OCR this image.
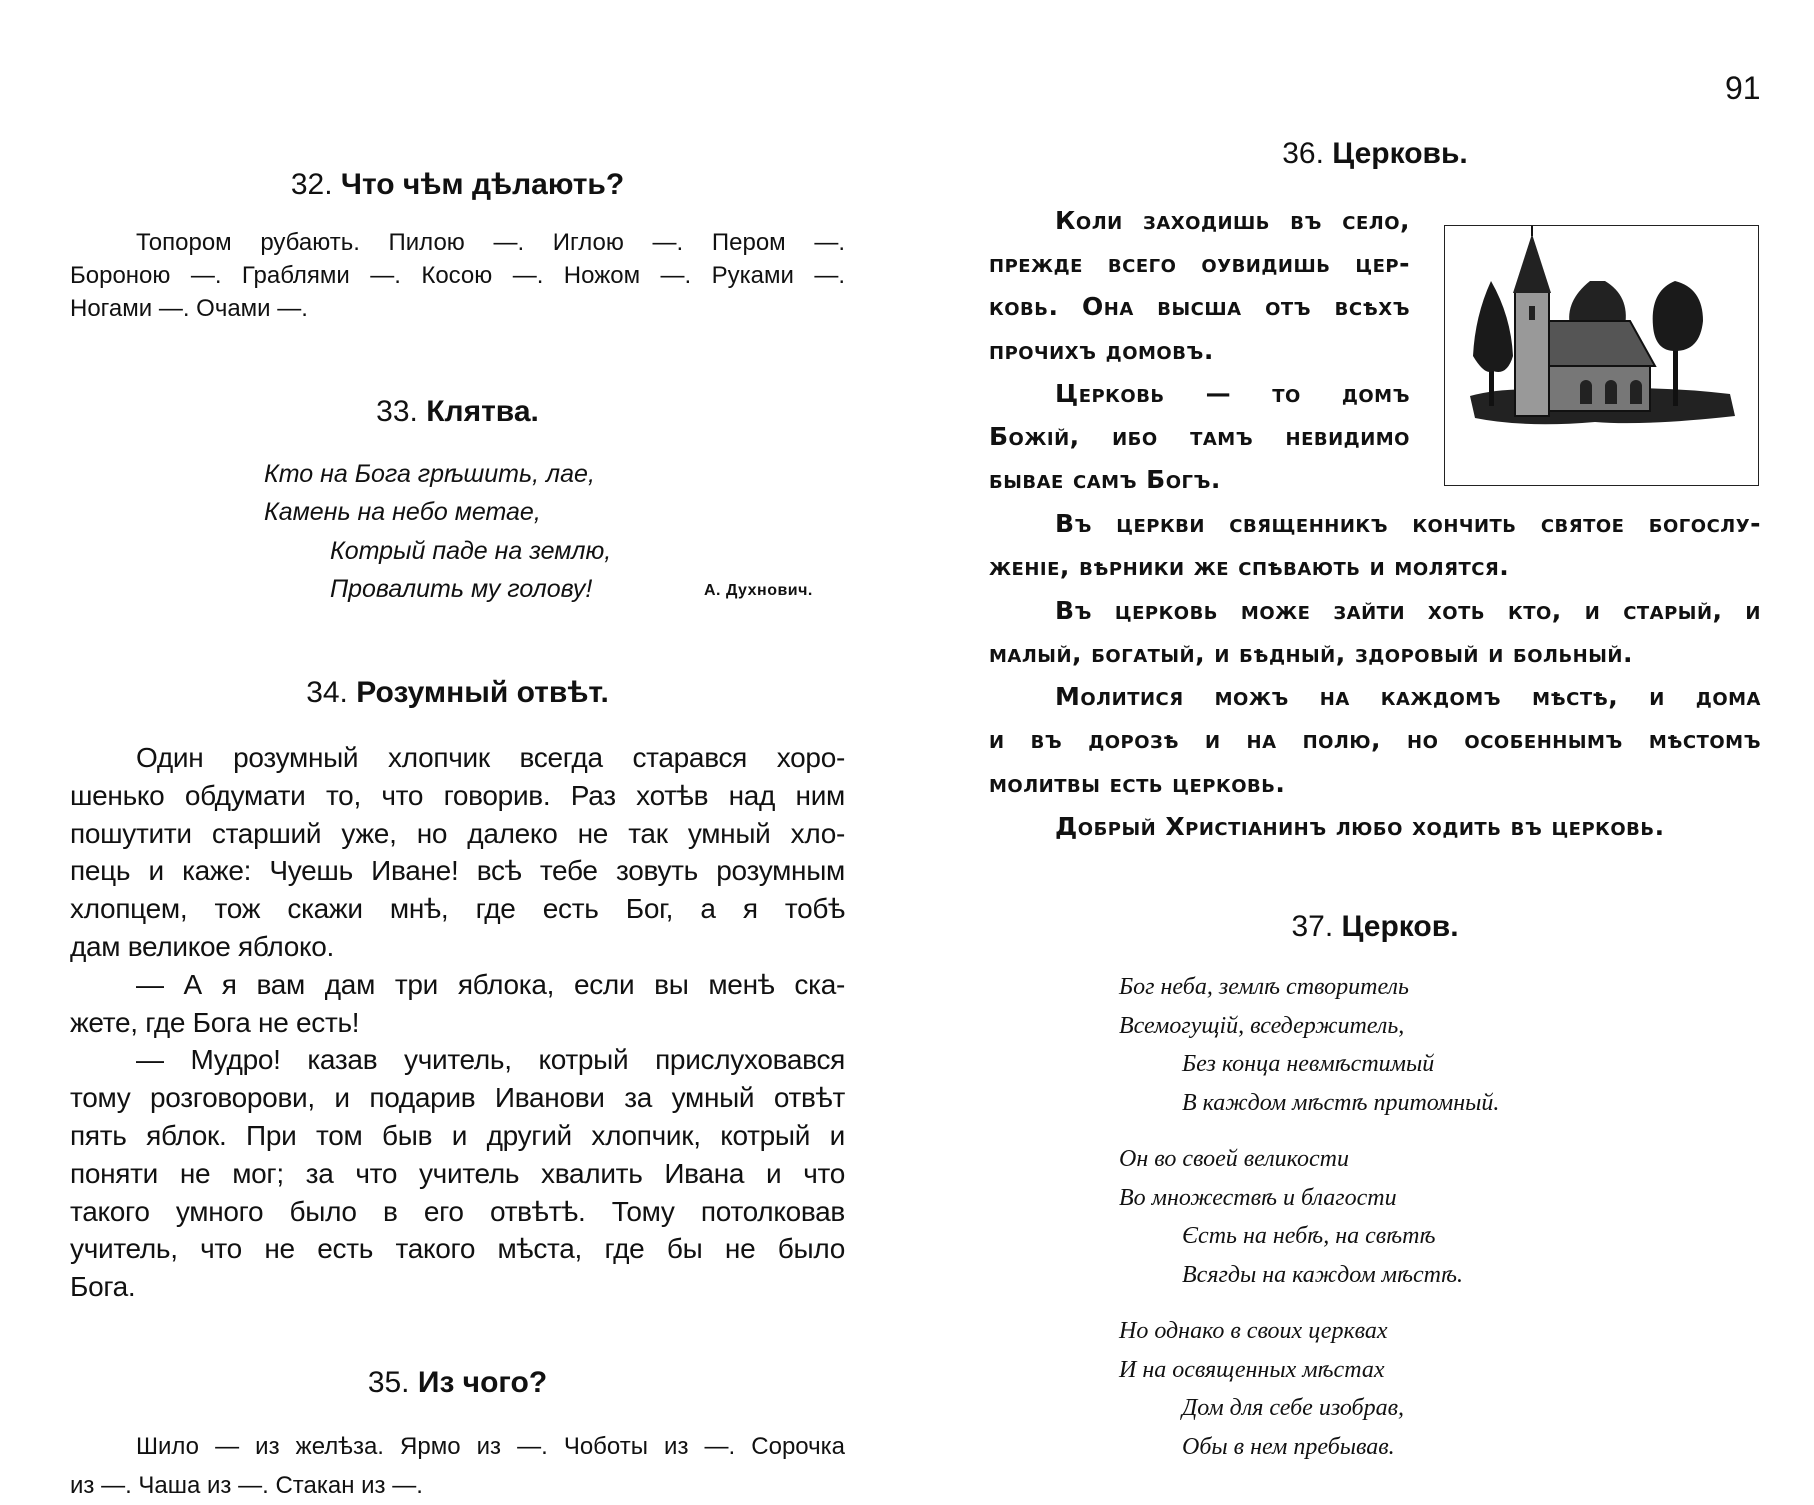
91
32. Что чѣм дѣлають?
Топором рубають. Пилою —. Иглою —. Пером —.
Бороною —. Граблями —. Косою —. Ножом —. Руками —.
Ногами —. Очами —.
33. Клятва.
Кто на Бога грѣшить, лае,
Камень на небо метае,
Котрый паде на землю,
Провалить му голову!	А. Духнович.
34. Розумный отвѣт.
Один розумный хлопчик всегда старався хоро-
шенько обдумати то, что говорив. Раз хотѣв над ним
пошутити старший уже, но далеко не так умный хло-
пець и каже: Чуешь Иване! всѣ тебе зовуть розумным
хлопцем, тож скажи мнѣ, где есть Бог, а я тобѣ
дам великое яблоко.
— А я вам дам три яблока, если вы менѣ ска-
жете, где Бога не есть!
— Мудро! казав учитель, котрый прислуховався
тому розговорови, и подарив Иванови за умный отвѣт
пять яблок. При том быв и другий хлопчик, котрый и
поняти не мог; за что учитель хвалить Ивана и что
такого умного было в его отвѣтѣ. Тому потолковав
учитель, что не есть такого мѣста, где бы не было
Бога.
35. Из чого?
Шило — из желѣза. Ярмо из —. Чоботы из —. Сорочка
из —. Чаша из —. Стакан из —.
36. Церковь.
Коли заходишь въ село,
прежде всего оувидишь цер-
ковь. Она высша отъ всѣхъ
прочихъ домовъ.
Церковь — то домъ
Божій, ибо тамъ невидимо
бываe самъ Богъ.
Въ церкви священникъ кончить святое богослу-
женіе, вѣрники же спѣвають и молятся.
Въ церковь може зайти хоть кто, и старый, и
малый, богатый, и бѣдный, здоровый и больный.
Молитися можъ на каждомъ мѣстѣ, и дома
и въ дорозѣ и на полю, но особеннымъ мѣстомъ
молитвы есть церковь.
Добрый Христіанинъ любо ходить въ церковь.
37. Церков.
Бог неба, землѣ створитель
Всемогущій, вседержитель,
Без конца невмѣстимый
В каждом мѣстѣ притомный.
Он во своей великости
Во множествѣ и благости
Єсть на небѣ, на свѣтѣ
Всягды на каждом мѣстѣ.
Но однако в своих церквах
И на освященных мѣстах
Дом для себе изобрав,
Обы в нем пребывав.
